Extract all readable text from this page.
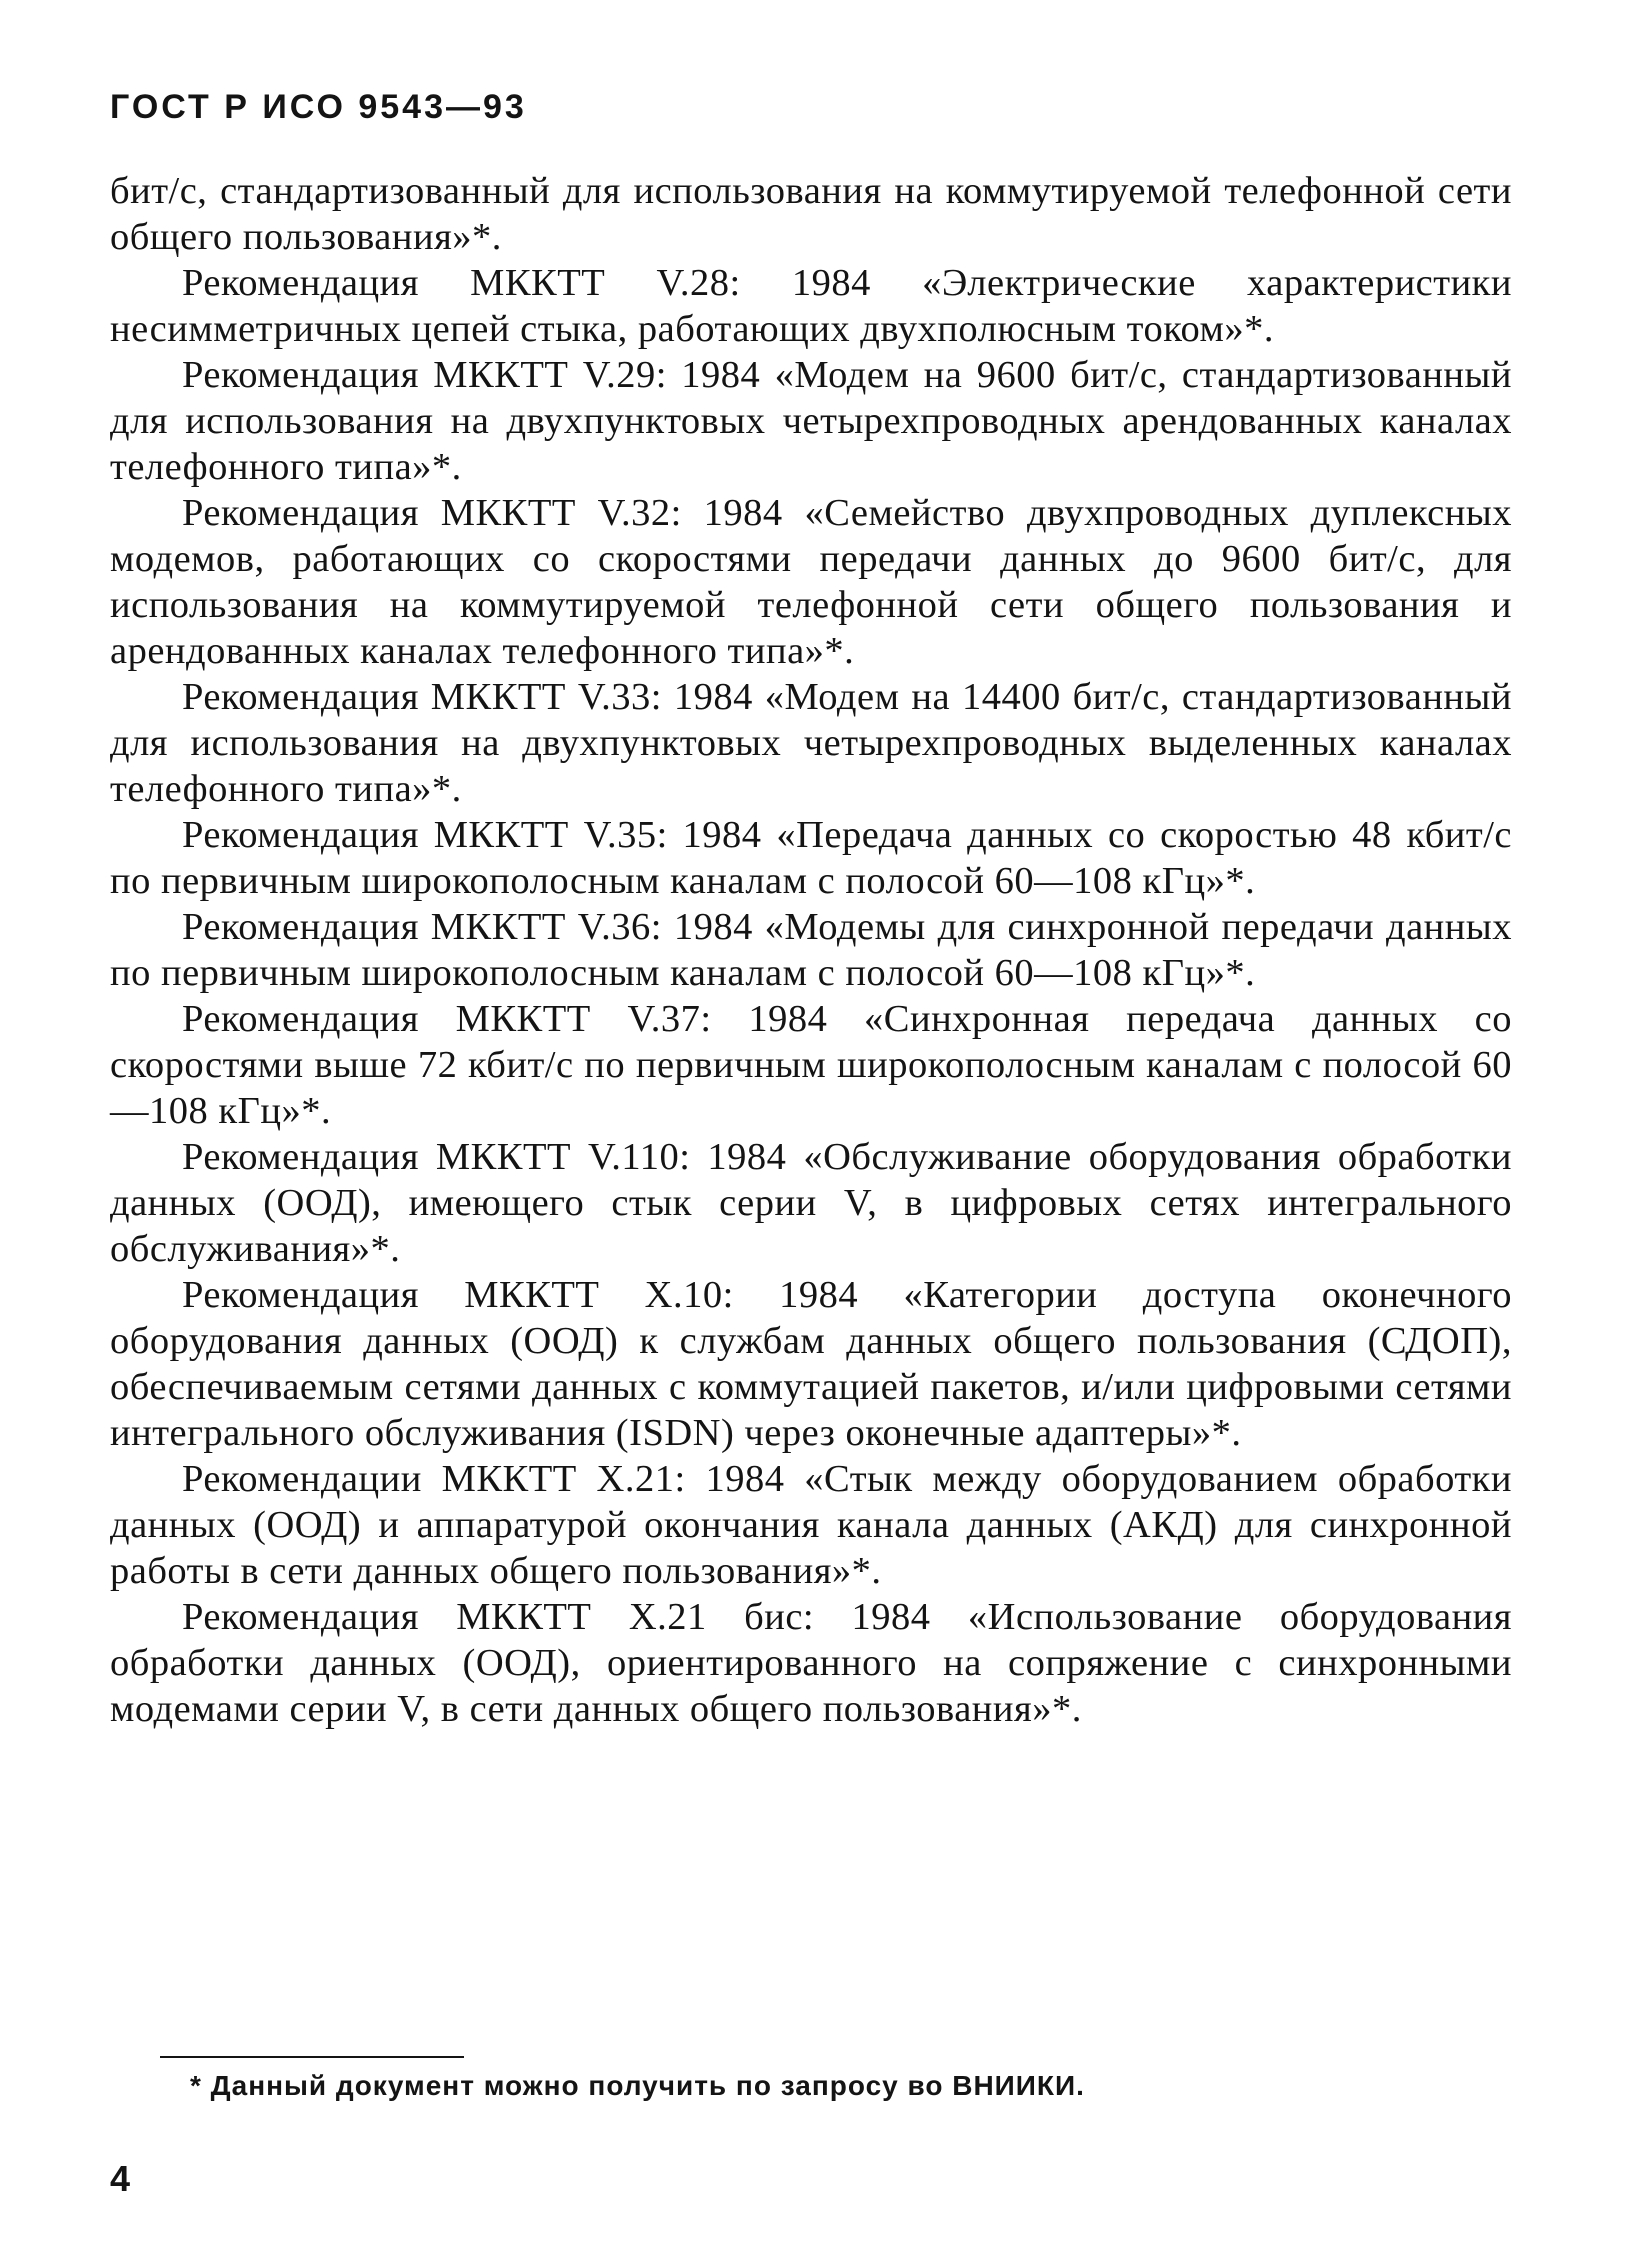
ГОСТ Р ИСО 9543—93

бит/с, стандартизованный для использования на коммутируемой телефонной сети общего пользования»*.

Рекомендация МККТТ V.28: 1984 «Электрические характеристики несимметричных цепей стыка, работающих двухполюсным током»*.

Рекомендация МККТТ V.29: 1984 «Модем на 9600 бит/с, стандартизованный для использования на двухпунктовых четырехпроводных арендованных каналах телефонного типа»*.

Рекомендация МККТТ V.32: 1984 «Семейство двухпроводных дуплексных модемов, работающих со скоростями передачи данных до 9600 бит/с, для использования на коммутируемой телефонной сети общего пользования и арендованных каналах телефонного типа»*.

Рекомендация МККТТ V.33: 1984 «Модем на 14400 бит/с, стандартизованный для использования на двухпунктовых четырехпроводных выделенных каналах телефонного типа»*.

Рекомендация МККТТ V.35: 1984 «Передача данных со скоростью 48 кбит/с по первичным широкополосным каналам с полосой 60—108 кГц»*.

Рекомендация МККТТ V.36: 1984 «Модемы для синхронной передачи данных по первичным широкополосным каналам с полосой 60—108 кГц»*.

Рекомендация МККТТ V.37: 1984 «Синхронная передача данных со скоростями выше 72 кбит/с по первичным широкополосным каналам с полосой 60—108 кГц»*.

Рекомендация МККТТ V.110: 1984 «Обслуживание оборудования обработки данных (ООД), имеющего стык серии V, в цифровых сетях интегрального обслуживания»*.

Рекомендация МККТТ X.10: 1984 «Категории доступа оконечного оборудования данных (ООД) к службам данных общего пользования (СДОП), обеспечиваемым сетями данных с коммутацией пакетов, и/или цифровыми сетями интегрального обслуживания (ISDN) через оконечные адаптеры»*.

Рекомендации МККТТ X.21: 1984 «Стык между оборудованием обработки данных (ООД) и аппаратурой окончания канала данных (АКД) для синхронной работы в сети данных общего пользования»*.

Рекомендация МККТТ X.21 бис: 1984 «Использование оборудования обработки данных (ООД), ориентированного на сопряжение с синхронными модемами серии V, в сети данных общего пользования»*.

* Данный документ можно получить по запросу во ВНИИКИ.
4
